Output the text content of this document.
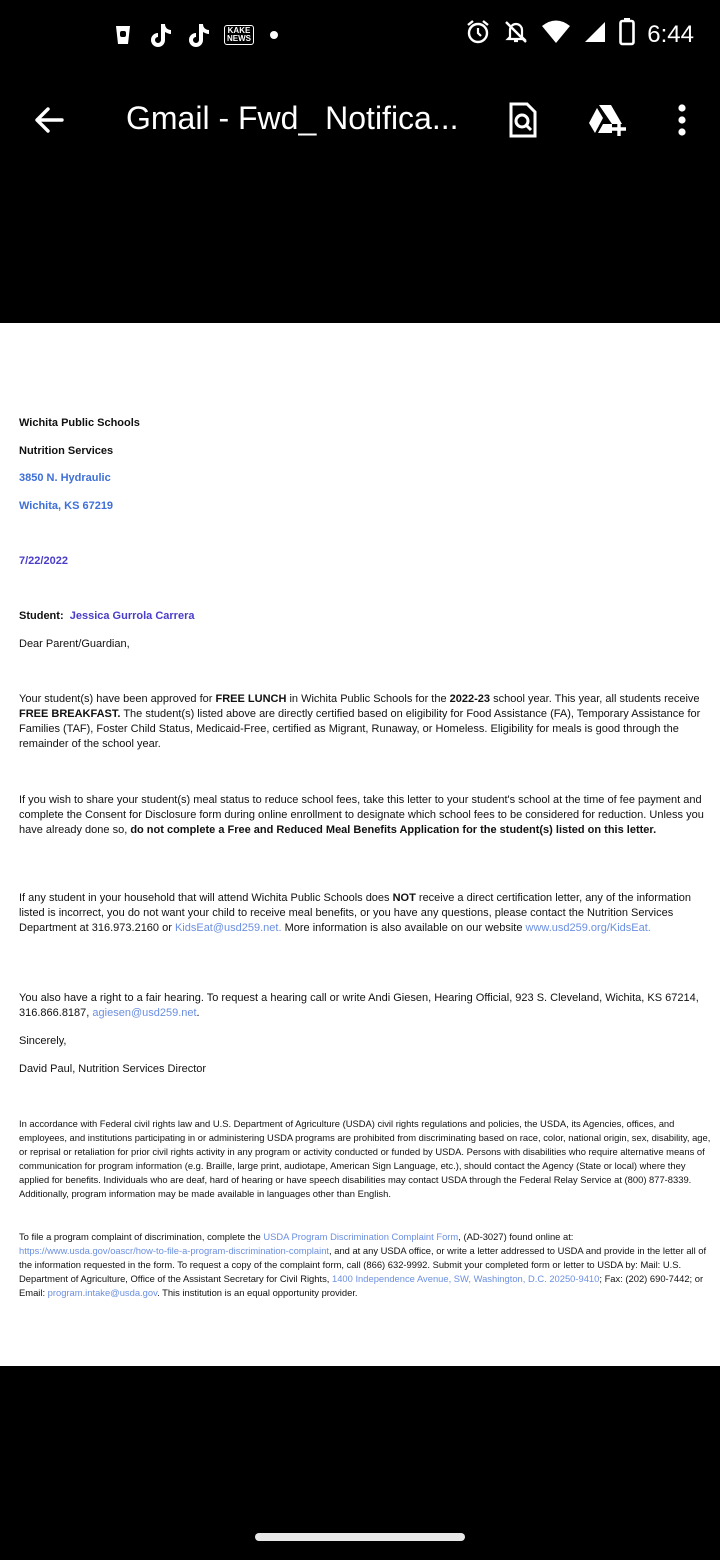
KAKE NEWS	6:44
Gmail - Fwd_ Notifica...

Wichita Public Schools

Nutrition Services

3850 N. Hydraulic

Wichita, KS 67219

7/22/2022

Student: Jessica Gurrola Carrera

Dear Parent/Guardian,

Your student(s) have been approved for FREE LUNCH in Wichita Public Schools for the 2022-23 school year. This year, all students receive FREE BREAKFAST. The student(s) listed above are directly certified based on eligibility for Food Assistance (FA), Temporary Assistance for Families (TAF), Foster Child Status, Medicaid-Free, certified as Migrant, Runaway, or Homeless. Eligibility for meals is good through the remainder of the school year.

If you wish to share your student(s) meal status to reduce school fees, take this letter to your student's school at the time of fee payment and complete the Consent for Disclosure form during online enrollment to designate which school fees to be considered for reduction. Unless you have already done so, do not complete a Free and Reduced Meal Benefits Application for the student(s) listed on this letter.

If any student in your household that will attend Wichita Public Schools does NOT receive a direct certification letter, any of the information listed is incorrect, you do not want your child to receive meal benefits, or you have any questions, please contact the Nutrition Services Department at 316.973.2160 or KidsEat@usd259.net. More information is also available on our website www.usd259.org/KidsEat.

You also have a right to a fair hearing. To request a hearing call or write Andi Giesen, Hearing Official, 923 S. Cleveland, Wichita, KS 67214, 316.866.8187, agiesen@usd259.net.

Sincerely,

David Paul, Nutrition Services Director

In accordance with Federal civil rights law and U.S. Department of Agriculture (USDA) civil rights regulations and policies, the USDA, its Agencies, offices, and employees, and institutions participating in or administering USDA programs are prohibited from discriminating based on race, color, national origin, sex, disability, age, or reprisal or retaliation for prior civil rights activity in any program or activity conducted or funded by USDA. Persons with disabilities who require alternative means of communication for program information (e.g. Braille, large print, audiotape, American Sign Language, etc.), should contact the Agency (State or local) where they applied for benefits. Individuals who are deaf, hard of hearing or have speech disabilities may contact USDA through the Federal Relay Service at (800) 877-8339. Additionally, program information may be made available in languages other than English.

To file a program complaint of discrimination, complete the USDA Program Discrimination Complaint Form, (AD-3027) found online at: https://www.usda.gov/oascr/how-to-file-a-program-discrimination-complaint, and at any USDA office, or write a letter addressed to USDA and provide in the letter all of the information requested in the form. To request a copy of the complaint form, call (866) 632-9992. Submit your completed form or letter to USDA by: Mail: U.S. Department of Agriculture, Office of the Assistant Secretary for Civil Rights, 1400 Independence Avenue, SW, Washington, D.C. 20250-9410; Fax: (202) 690-7442; or Email: program.intake@usda.gov. This institution is an equal opportunity provider.
